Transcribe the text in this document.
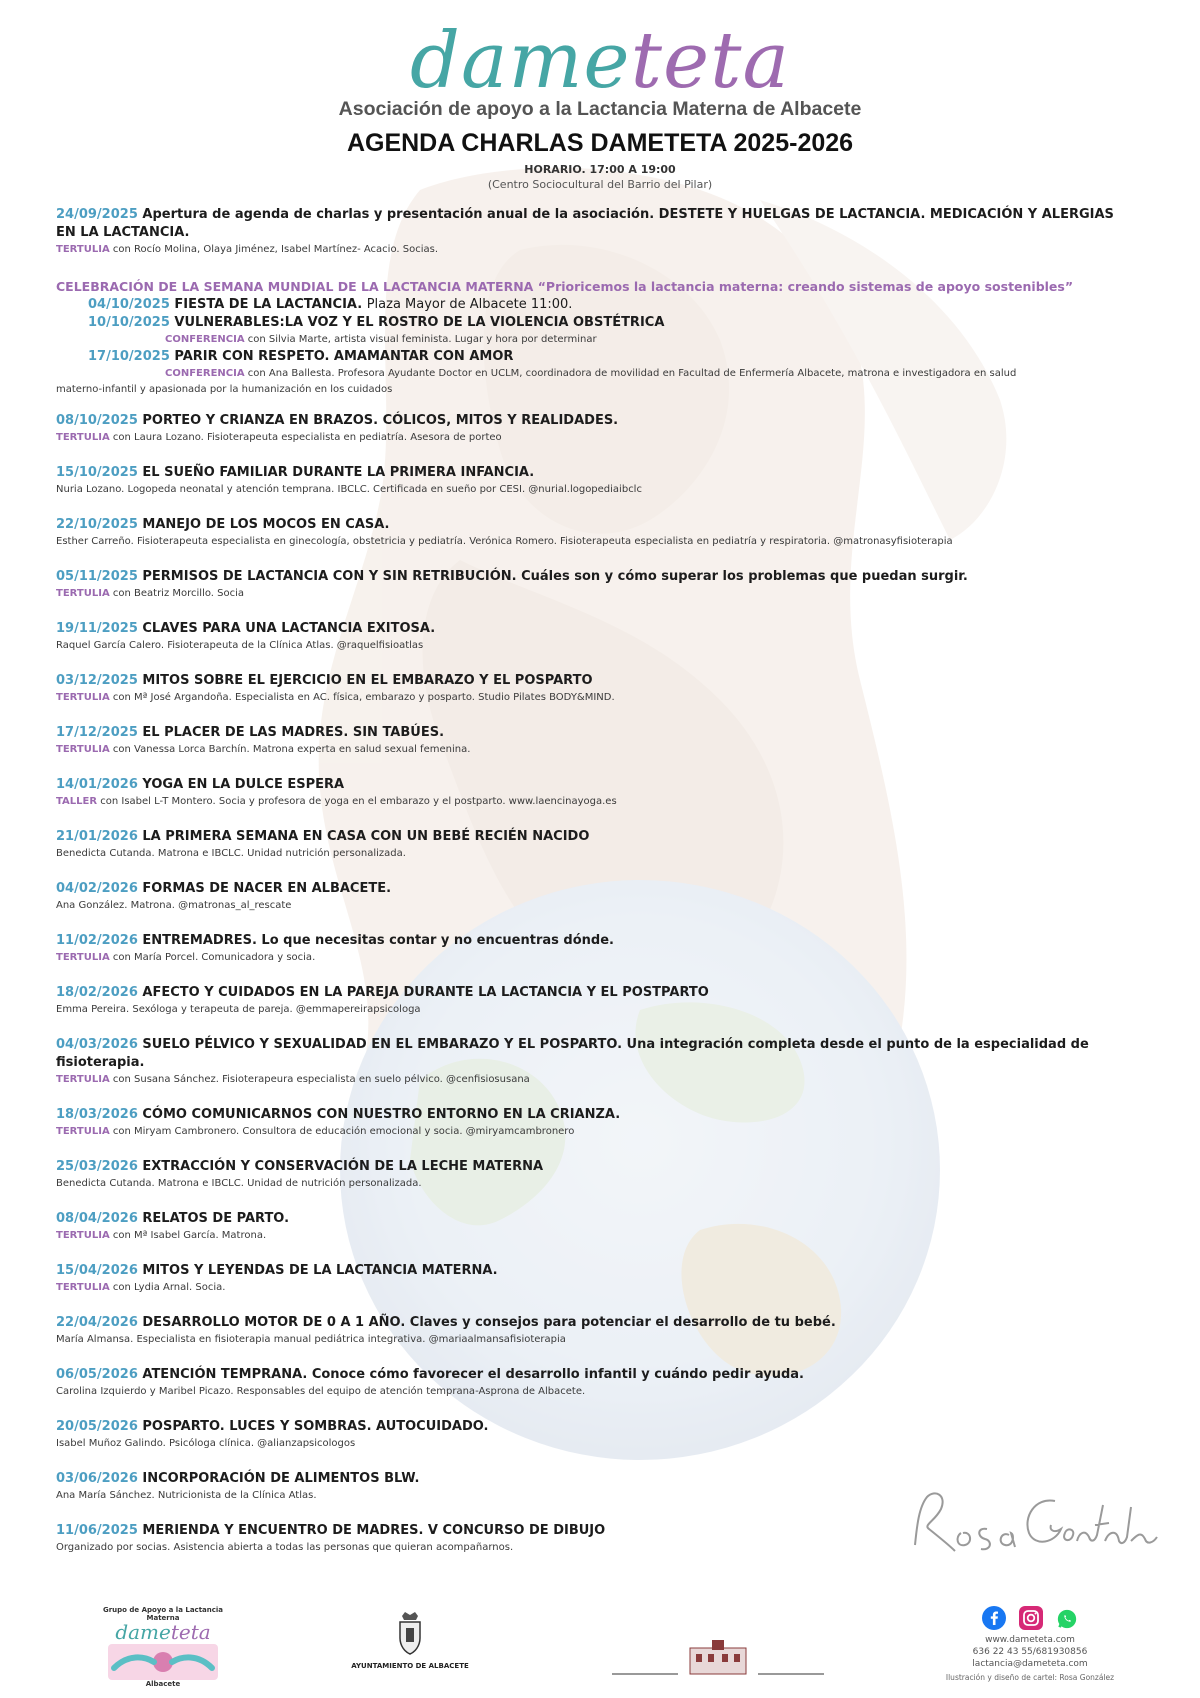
dameteta
Asociación de apoyo a la Lactancia Materna de Albacete
AGENDA CHARLAS DAMETETA 2025-2026
HORARIO. 17:00 A 19:00
(Centro Sociocultural del Barrio del Pilar)
24/09/2025 Apertura de agenda de charlas y presentación anual de la asociación. DESTETE Y HUELGAS DE LACTANCIA. MEDICACIÓN Y ALERGIAS EN LA LACTANCIA.
TERTULIA con Rocío Molina, Olaya Jiménez, Isabel Martínez- Acacio. Socias.
CELEBRACIÓN DE LA SEMANA MUNDIAL DE LA LACTANCIA MATERNA “Prioricemos la lactancia materna: creando sistemas de apoyo sostenibles”
04/10/2025 FIESTA DE LA LACTANCIA. Plaza Mayor de Albacete 11:00.
10/10/2025 VULNERABLES:LA VOZ Y EL ROSTRO DE LA VIOLENCIA OBSTÉTRICA
CONFERENCIA con Silvia Marte, artista visual feminista. Lugar y hora por determinar
17/10/2025 PARIR CON RESPETO. AMAMANTAR CON AMOR
CONFERENCIA con Ana Ballesta. Profesora Ayudante Doctor en UCLM, coordinadora de movilidad en Facultad de Enfermería Albacete, matrona e investigadora en salud
materno-infantil y apasionada por la humanización en los cuidados
08/10/2025 PORTEO Y CRIANZA EN BRAZOS. CÓLICOS, MITOS Y REALIDADES.
TERTULIA con Laura Lozano. Fisioterapeuta especialista en pediatría. Asesora de porteo
15/10/2025 EL SUEÑO FAMILIAR DURANTE LA PRIMERA INFANCIA.
Nuria Lozano. Logopeda neonatal y atención temprana. IBCLC. Certificada en sueño por CESI. @nurial.logopediaibclc
22/10/2025 MANEJO DE LOS MOCOS EN CASA.
Esther Carreño. Fisioterapeuta especialista en ginecología, obstetricia y pediatría. Verónica Romero. Fisioterapeuta especialista en pediatría y respiratoria. @matronasyfisioterapia
05/11/2025 PERMISOS DE LACTANCIA CON Y SIN RETRIBUCIÓN. Cuáles son y cómo superar los problemas que puedan surgir.
TERTULIA con Beatriz Morcillo. Socia
19/11/2025 CLAVES PARA UNA LACTANCIA EXITOSA.
Raquel García Calero. Fisioterapeuta de la Clínica Atlas. @raquelfisioatlas
03/12/2025 MITOS SOBRE EL EJERCICIO EN EL EMBARAZO Y EL POSPARTO
TERTULIA con Mª José Argandoña. Especialista en AC. física, embarazo y posparto. Studio Pilates BODY&MIND.
17/12/2025 EL PLACER DE LAS MADRES. SIN TABÚES.
TERTULIA con Vanessa Lorca Barchín. Matrona experta en salud sexual femenina.
14/01/2026 YOGA EN LA DULCE ESPERA
TALLER con Isabel L-T Montero. Socia y profesora de yoga en el embarazo y el postparto. www.laencinayoga.es
21/01/2026 LA PRIMERA SEMANA EN CASA CON UN BEBÉ RECIÉN NACIDO
Benedicta Cutanda. Matrona e IBCLC. Unidad nutrición personalizada.
04/02/2026 FORMAS DE NACER EN ALBACETE.
Ana González. Matrona. @matronas_al_rescate
11/02/2026 ENTREMADRES. Lo que necesitas contar y no encuentras dónde.
TERTULIA con María Porcel. Comunicadora y socia.
18/02/2026 AFECTO Y CUIDADOS EN LA PAREJA DURANTE LA LACTANCIA Y EL POSTPARTO
Emma Pereira. Sexóloga y terapeuta de pareja. @emmapereirapsicologa
04/03/2026 SUELO PÉLVICO Y SEXUALIDAD EN EL EMBARAZO Y EL POSPARTO. Una integración completa desde el punto de la especialidad de fisioterapia.
TERTULIA con Susana Sánchez. Fisioterapeura especialista en suelo pélvico. @cenfisiosusana
18/03/2026 CÓMO COMUNICARNOS CON NUESTRO ENTORNO EN LA CRIANZA.
TERTULIA con Miryam Cambronero. Consultora de educación emocional y socia. @miryamcambronero
25/03/2026 EXTRACCIÓN Y CONSERVACIÓN DE LA LECHE MATERNA
Benedicta Cutanda. Matrona e IBCLC. Unidad de nutrición personalizada.
08/04/2026 RELATOS DE PARTO.
TERTULIA con Mª Isabel García. Matrona.
15/04/2026 MITOS Y LEYENDAS DE LA LACTANCIA MATERNA.
TERTULIA con Lydia Arnal. Socia.
22/04/2026 DESARROLLO MOTOR DE 0 A 1 AÑO. Claves y consejos para potenciar el desarrollo de tu bebé.
María Almansa. Especialista en fisioterapia manual pediátrica integrativa. @mariaalmansafisioterapia
06/05/2026 ATENCIÓN TEMPRANA. Conoce cómo favorecer el desarrollo infantil y cuándo pedir ayuda.
Carolina Izquierdo y Maribel Picazo. Responsables del equipo de atención temprana-Asprona de Albacete.
20/05/2026 POSPARTO. LUCES Y SOMBRAS. AUTOCUIDADO.
Isabel Muñoz Galindo. Psicóloga clínica. @alianzapsicologos
03/06/2026 INCORPORACIÓN DE ALIMENTOS BLW.
Ana María Sánchez. Nutricionista de la Clínica Atlas.
11/06/2025 MERIENDA Y ENCUENTRO DE MADRES. V CONCURSO DE DIBUJO
Organizado por socias. Asistencia abierta a todas las personas que quieran acompañarnos.
Grupo de Apoyo a la Lactancia Materna
dameteta
Albacete
AYUNTAMIENTO DE ALBACETE

www.dameteta.com
636 22 43 55/681930856
lactancia@dameteta.com
Ilustración y diseño de cartel: Rosa González
